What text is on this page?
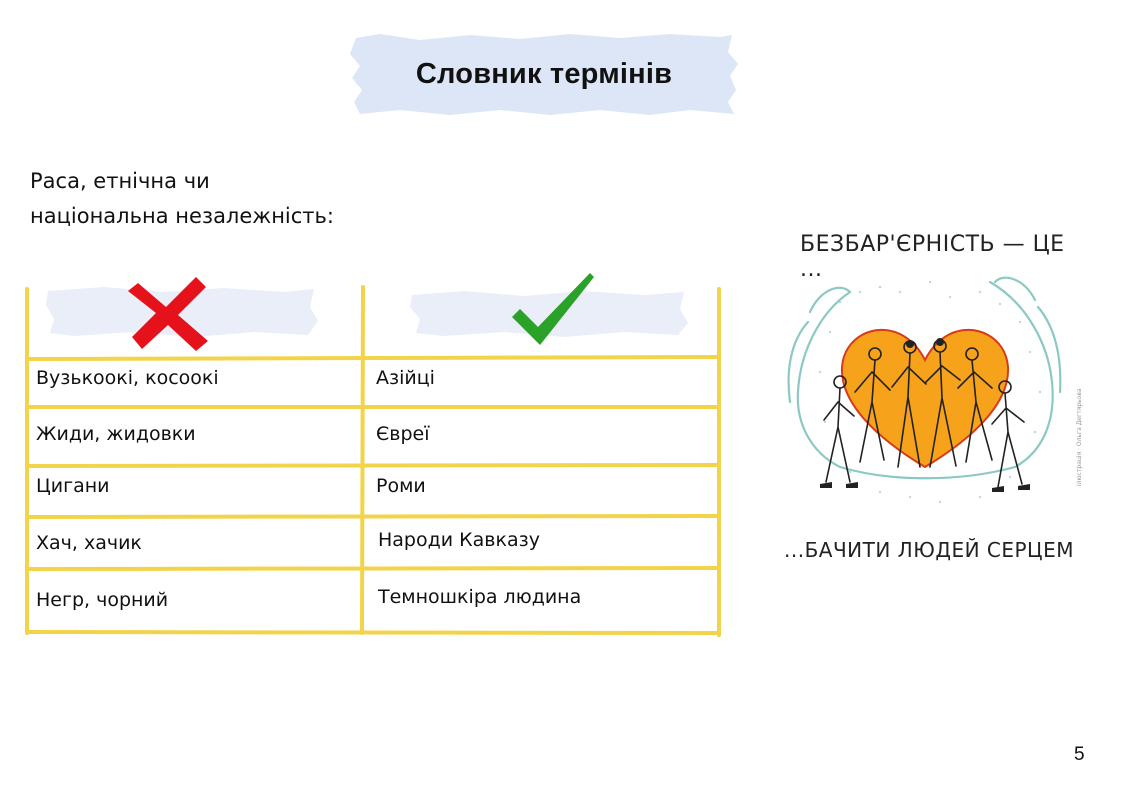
Словник термінів
Раса, етнічна чи
національна незалежність:
Вузькоокі, косоокі	Азійці
Жиди, жидовки	Євреї
Цигани	Роми
Хач, хачик	Народи Кавказу
Негр, чорний	Темношкіра людина
БЕЗБАР'ЄРНІСТЬ — ЦЕ ...
...БАЧИТИ ЛЮДЕЙ СЕРЦЕМ
ілюстрація · Ольга Дегтярьова
5
